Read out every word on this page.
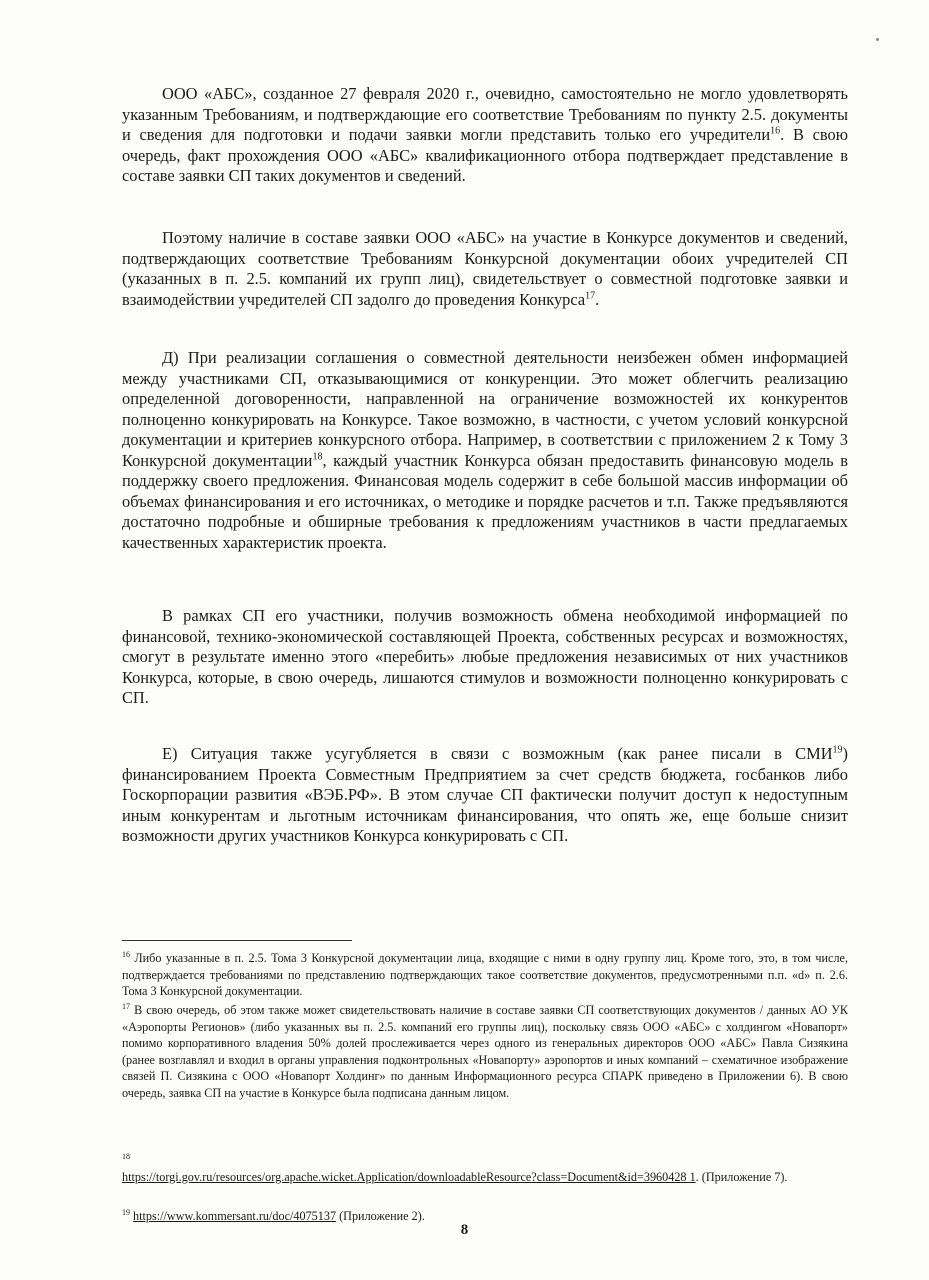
ООО «АБС», созданное 27 февраля 2020 г., очевидно, самостоятельно не могло удовлетворять указанным Требованиям, и подтверждающие его соответствие Требованиям по пункту 2.5. документы и сведения для подготовки и подачи заявки могли представить только его учредители$^{16}$. В свою очередь, факт прохождения ООО «АБС» квалификационного отбора подтверждает представление в составе заявки СП таких документов и сведений.

Поэтому наличие в составе заявки ООО «АБС» на участие в Конкурсе документов и сведений, подтверждающих соответствие Требованиям Конкурсной документации обоих учредителей СП (указанных в п. 2.5. компаний их групп лиц), свидетельствует о совместной подготовке заявки и взаимодействии учредителей СП задолго до проведения Конкурса$^{17}$.

Д) При реализации соглашения о совместной деятельности неизбежен обмен информацией между участниками СП, отказывающимися от конкуренции. Это может облегчить реализацию определенной договоренности, направленной на ограничение возможностей их конкурентов полноценно конкурировать на Конкурсе. Такое возможно, в частности, с учетом условий конкурсной документации и критериев конкурсного отбора. Например, в соответствии с приложением 2 к Тому 3 Конкурсной документации$^{18}$, каждый участник Конкурса обязан предоставить финансовую модель в поддержку своего предложения. Финансовая модель содержит в себе большой массив информации об объемах финансирования и его источниках, о методике и порядке расчетов и т.п. Также предъявляются достаточно подробные и обширные требования к предложениям участников в части предлагаемых качественных характеристик проекта.

В рамках СП его участники, получив возможность обмена необходимой информацией по финансовой, технико-экономической составляющей Проекта, собственных ресурсах и возможностях, смогут в результате именно этого «перебить» любые предложения независимых от них участников Конкурса, которые, в свою очередь, лишаются стимулов и возможности полноценно конкурировать с СП.

Е) Ситуация также усугубляется в связи с возможным (как ранее писали в СМИ$^{19}$) финансированием Проекта Совместным Предприятием за счет средств бюджета, госбанков либо Госкорпорации развития «ВЭБ.РФ». В этом случае СП фактически получит доступ к недоступным иным конкурентам и льготным источникам финансирования, что опять же, еще больше снизит возможности других участников Конкурса конкурировать с СП.

$^{16}$ Либо указанные в п. 2.5. Тома 3 Конкурсной документации лица, входящие с ними в одну группу лиц. Кроме того, это, в том числе, подтверждается требованиями по представлению подтверждающих такое соответствие документов, предусмотренными п.п. «d» п. 2.6. Тома 3 Конкурсной документации.

$^{17}$ В свою очередь, об этом также может свидетельствовать наличие в составе заявки СП соответствующих документов / данных АО УК «Аэропорты Регионов» (либо указанных вы п. 2.5. компаний его группы лиц), поскольку связь ООО «АБС» с холдингом «Новапорт» помимо корпоративного владения 50% долей прослеживается через одного из генеральных директоров ООО «АБС» Павла Сизякина (ранее возглавлял и входил в органы управления подконтрольных «Новапорту» аэропортов и иных компаний – схематичное изображение связей П. Сизякина с ООО «Новапорт Холдинг» по данным Информационного ресурса СПАРК приведено в Приложении 6). В свою очередь, заявка СП на участие в Конкурсе была подписана данным лицом.

$^{18}$
https://torgi.gov.ru/resources/org.apache.wicket.Application/downloadableResource?class=Document&id=3960428 1. (Приложение 7).

$^{19}$ https://www.kommersant.ru/doc/4075137 (Приложение 2).

8
